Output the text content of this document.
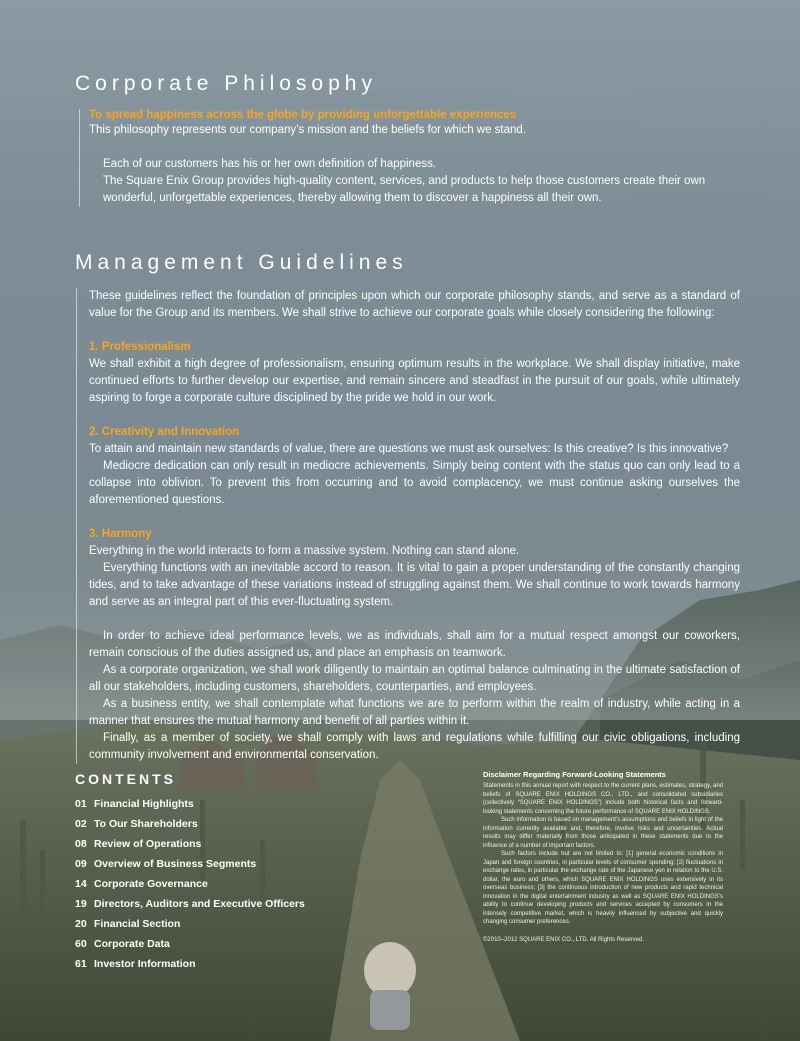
Corporate Philosophy
To spread happiness across the globe by providing unforgettable experiences

This philosophy represents our company’s mission and the beliefs for which we stand.

Each of our customers has his or her own definition of happiness.

The Square Enix Group provides high-quality content, services, and products to help those customers create their own wonderful, unforgettable experiences, thereby allowing them to discover a happiness all their own.

Management Guidelines

These guidelines reflect the foundation of principles upon which our corporate philosophy stands, and serve as a standard of value for the Group and its members. We shall strive to achieve our corporate goals while closely considering the following:

1. Professionalism

We shall exhibit a high degree of professionalism, ensuring optimum results in the workplace. We shall display initiative, make continued efforts to further develop our expertise, and remain sincere and steadfast in the pursuit of our goals, while ultimately aspiring to forge a corporate culture disciplined by the pride we hold in our work.

2. Creativity and Innovation

To attain and maintain new standards of value, there are questions we must ask ourselves: Is this creative? Is this innovative?

Mediocre dedication can only result in mediocre achievements. Simply being content with the status quo can only lead to a collapse into oblivion. To prevent this from occurring and to avoid complacency, we must continue asking ourselves the aforementioned questions.

3. Harmony

Everything in the world interacts to form a massive system. Nothing can stand alone.

Everything functions with an inevitable accord to reason. It is vital to gain a proper understanding of the constantly changing tides, and to take advantage of these variations instead of struggling against them. We shall continue to work towards harmony and serve as an integral part of this ever-fluctuating system.

In order to achieve ideal performance levels, we as individuals, shall aim for a mutual respect amongst our coworkers, remain conscious of the duties assigned us, and place an emphasis on teamwork.

As a corporate organization, we shall work diligently to maintain an optimal balance culminating in the ultimate satisfaction of all our stakeholders, including customers, shareholders, counterparties, and employees.

As a business entity, we shall contemplate what functions we are to perform within the realm of industry, while acting in a manner that ensures the mutual harmony and benefit of all parties within it.

Finally, as a member of society, we shall comply with laws and regulations while fulfilling our civic obligations, including community involvement and environmental conservation.

CONTENTS
01 Financial Highlights
02 To Our Shareholders
08 Review of Operations
09 Overview of Business Segments
14 Corporate Governance
19 Directors, Auditors and Executive Officers
20 Financial Section
60 Corporate Data
61 Investor Information
Disclaimer Regarding Forward-Looking Statements

Statements in this annual report with respect to the current plans, estimates, strategy, and beliefs of SQUARE ENIX HOLDINGS CO., LTD., and consolidated subsidiaries (collectively “SQUARE ENIX HOLDINGS”) include both historical facts and forward-looking statements concerning the future performance of SQUARE ENIX HOLDINGS.

Such information is based on management’s assumptions and beliefs in light of the information currently available and, therefore, involve risks and uncertainties. Actual results may differ materially from those anticipated in these statements due to the influence of a number of important factors.

Such factors include but are not limited to: [1] general economic conditions in Japan and foreign countries, in particular levels of consumer spending; [2] fluctuations in exchange rates, in particular the exchange rate of the Japanese yen in relation to the U.S. dollar, the euro and others, which SQUARE ENIX HOLDINGS uses extensively in its overseas business; [3] the continuous introduction of new products and rapid technical innovation in the digital entertainment industry as well as SQUARE ENIX HOLDINGS’s ability to continue developing products and services accepted by consumers in the intensely competitive market, which is heavily influenced by subjective and quickly changing consumer preferences.

©2010–2012 SQUARE ENIX CO., LTD. All Rights Reserved.
